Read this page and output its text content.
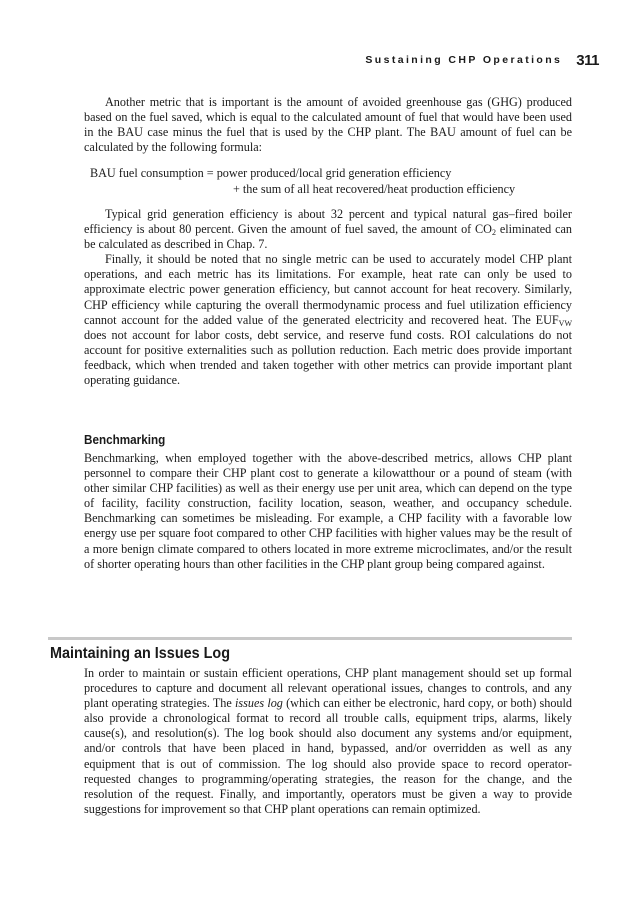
Sustaining CHP Operations 311

Another metric that is important is the amount of avoided greenhouse gas (GHG) produced based on the fuel saved, which is equal to the calculated amount of fuel that would have been used in the BAU case minus the fuel that is used by the CHP plant. The BAU amount of fuel can be calculated by the following formula:

BAU fuel consumption = power produced/local grid generation efficiency
+ the sum of all heat recovered/heat production efficiency

Typical grid generation efficiency is about 32 percent and typical natural gas–fired boiler efficiency is about 80 percent. Given the amount of fuel saved, the amount of $CO_2$ eliminated can be calculated as described in Chap. 7.

Finally, it should be noted that no single metric can be used to accurately model CHP plant operations, and each metric has its limitations. For example, heat rate can only be used to approximate electric power generation efficiency, but cannot account for heat recovery. Similarly, CHP efficiency while capturing the overall thermodynamic process and fuel utilization efficiency cannot account for the added value of the generated electricity and recovered heat. The $EUF_{VW}$ does not account for labor costs, debt service, and reserve fund costs. ROI calculations do not account for positive externalities such as pollution reduction. Each metric does provide important feedback, which when trended and taken together with other metrics can provide important plant operating guidance.

Benchmarking

Benchmarking, when employed together with the above-described metrics, allows CHP plant personnel to compare their CHP plant cost to generate a kilowatthour or a pound of steam (with other similar CHP facilities) as well as their energy use per unit area, which can depend on the type of facility, facility construction, facility location, season, weather, and occupancy schedule. Benchmarking can sometimes be misleading. For example, a CHP facility with a favorable low energy use per square foot compared to other CHP facilities with higher values may be the result of a more benign climate compared to others located in more extreme microclimates, and/or the result of shorter operating hours than other facilities in the CHP plant group being compared against.

Maintaining an Issues Log

In order to maintain or sustain efficient operations, CHP plant management should set up formal procedures to capture and document all relevant operational issues, changes to controls, and any plant operating strategies. The issues log (which can either be electronic, hard copy, or both) should also provide a chronological format to record all trouble calls, equipment trips, alarms, likely cause(s), and resolution(s). The log book should also document any systems and/or equipment, and/or controls that have been placed in hand, bypassed, and/or overridden as well as any equipment that is out of commission. The log should also provide space to record operator-requested changes to programming/operating strategies, the reason for the change, and the resolution of the request. Finally, and importantly, operators must be given a way to provide suggestions for improvement so that CHP plant operations can remain optimized.
